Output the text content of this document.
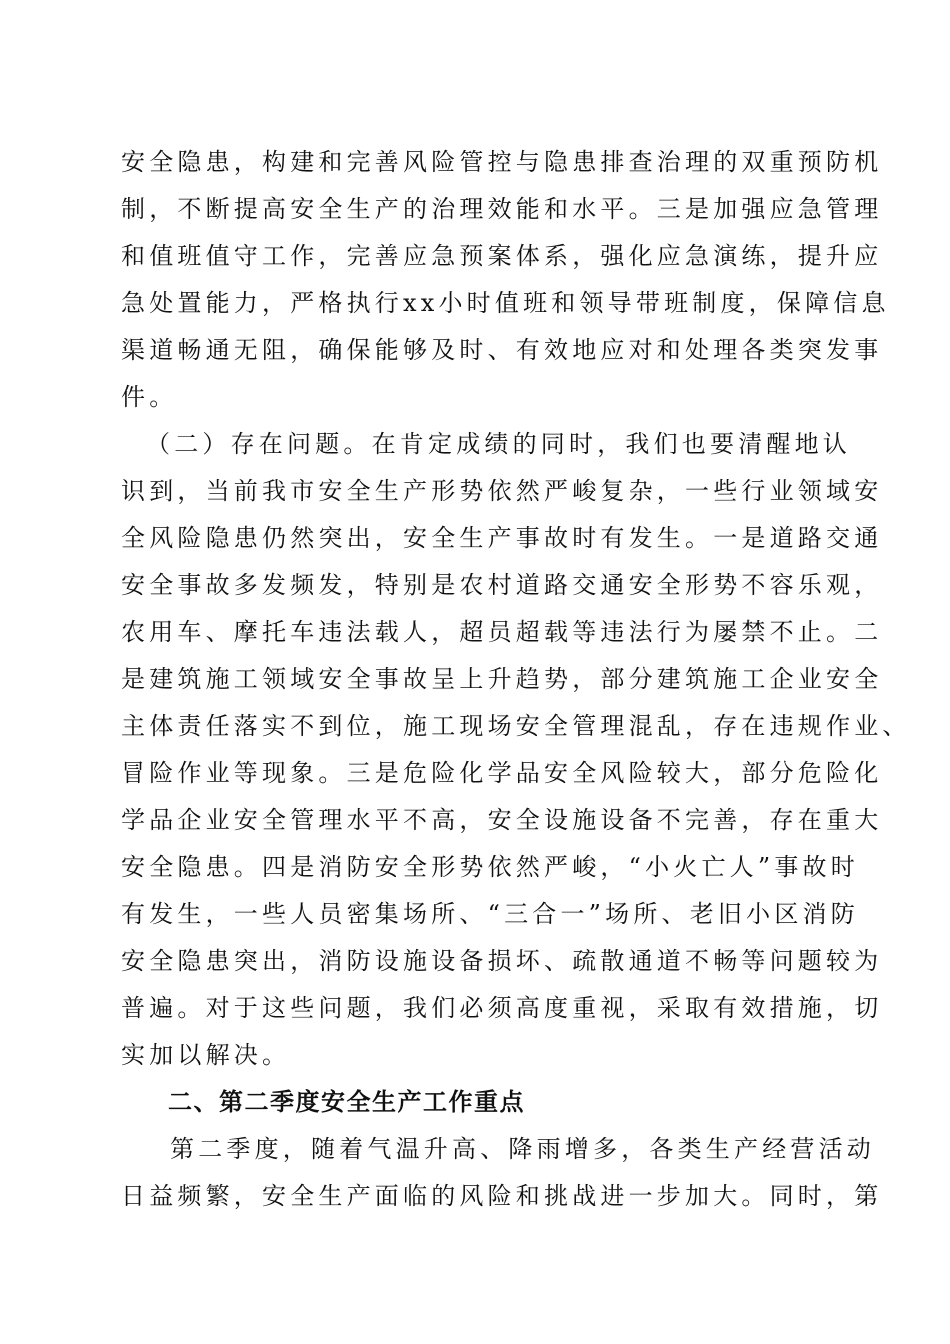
安全隐患，构建和完善风险管控与隐患排查治理的双重预防机
制，不断提高安全生产的治理效能和水平。三是加强应急管理
和值班值守工作，完善应急预案体系，强化应急演练，提升应
急处置能力，严格执行xx小时值班和领导带班制度，保障信息
渠道畅通无阻，确保能够及时、有效地应对和处理各类突发事
件。
（二）存在问题。在肯定成绩的同时，我们也要清醒地认
识到，当前我市安全生产形势依然严峻复杂，一些行业领域安
全风险隐患仍然突出，安全生产事故时有发生。一是道路交通
安全事故多发频发，特别是农村道路交通安全形势不容乐观，
农用车、摩托车违法载人，超员超载等违法行为屡禁不止。二
是建筑施工领域安全事故呈上升趋势，部分建筑施工企业安全
主体责任落实不到位，施工现场安全管理混乱，存在违规作业、
冒险作业等现象。三是危险化学品安全风险较大，部分危险化
学品企业安全管理水平不高，安全设施设备不完善，存在重大
安全隐患。四是消防安全形势依然严峻，“小火亡人”事故时
有发生，一些人员密集场所、“三合一”场所、老旧小区消防
安全隐患突出，消防设施设备损坏、疏散通道不畅等问题较为
普遍。对于这些问题，我们必须高度重视，采取有效措施，切
实加以解决。
二、第二季度安全生产工作重点
第二季度，随着气温升高、降雨增多，各类生产经营活动
日益频繁，安全生产面临的风险和挑战进一步加大。同时，第
